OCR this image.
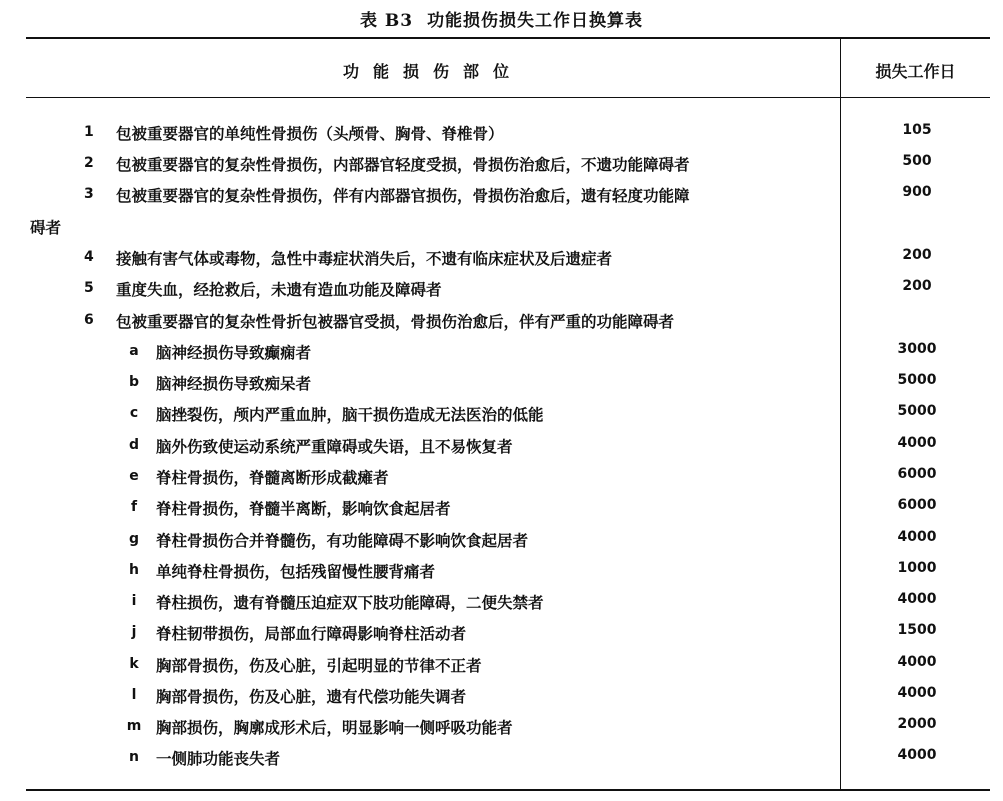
表 B3 功能损伤损失工作日换算表
功能损伤部位	损失工作日
1 包被重要器官的单纯性骨损伤（头颅骨、胸骨、脊椎骨）	105
2 包被重要器官的复杂性骨损伤，内部器官轻度受损，骨损伤治愈后，不遗功能障碍者	500
3 包被重要器官的复杂性骨损伤，伴有内部器官损伤，骨损伤治愈后，遗有轻度功能障	900
碍者
4 接触有害气体或毒物，急性中毒症状消失后，不遗有临床症状及后遗症者	200
5 重度失血，经抢救后，未遗有造血功能及障碍者	200
6 包被重要器官的复杂性骨折包被器官受损，骨损伤治愈后，伴有严重的功能障碍者
a 脑神经损伤导致癫痫者	3000
b 脑神经损伤导致痴呆者	5000
c 脑挫裂伤，颅内严重血肿，脑干损伤造成无法医治的低能	5000
d 脑外伤致使运动系统严重障碍或失语，且不易恢复者	4000
e 脊柱骨损伤，脊髓离断形成截瘫者	6000
f	脊柱骨损伤，脊髓半离断，影响饮食起居者	6000
g 脊柱骨损伤合并脊髓伤，有功能障碍不影响饮食起居者	4000
h 单纯脊柱骨损伤，包括残留慢性腰背痛者	1000
i	脊柱损伤，遗有脊髓压迫症双下肢功能障碍，二便失禁者	4000
j	脊柱韧带损伤，局部血行障碍影响脊柱活动者	1500
k 胸部骨损伤，伤及心脏，引起明显的节律不正者	4000
l	胸部骨损伤，伤及心脏，遗有代偿功能失调者	4000
m 胸部损伤，胸廓成形术后，明显影响一侧呼吸功能者	2000
n 一侧肺功能丧失者	4000
